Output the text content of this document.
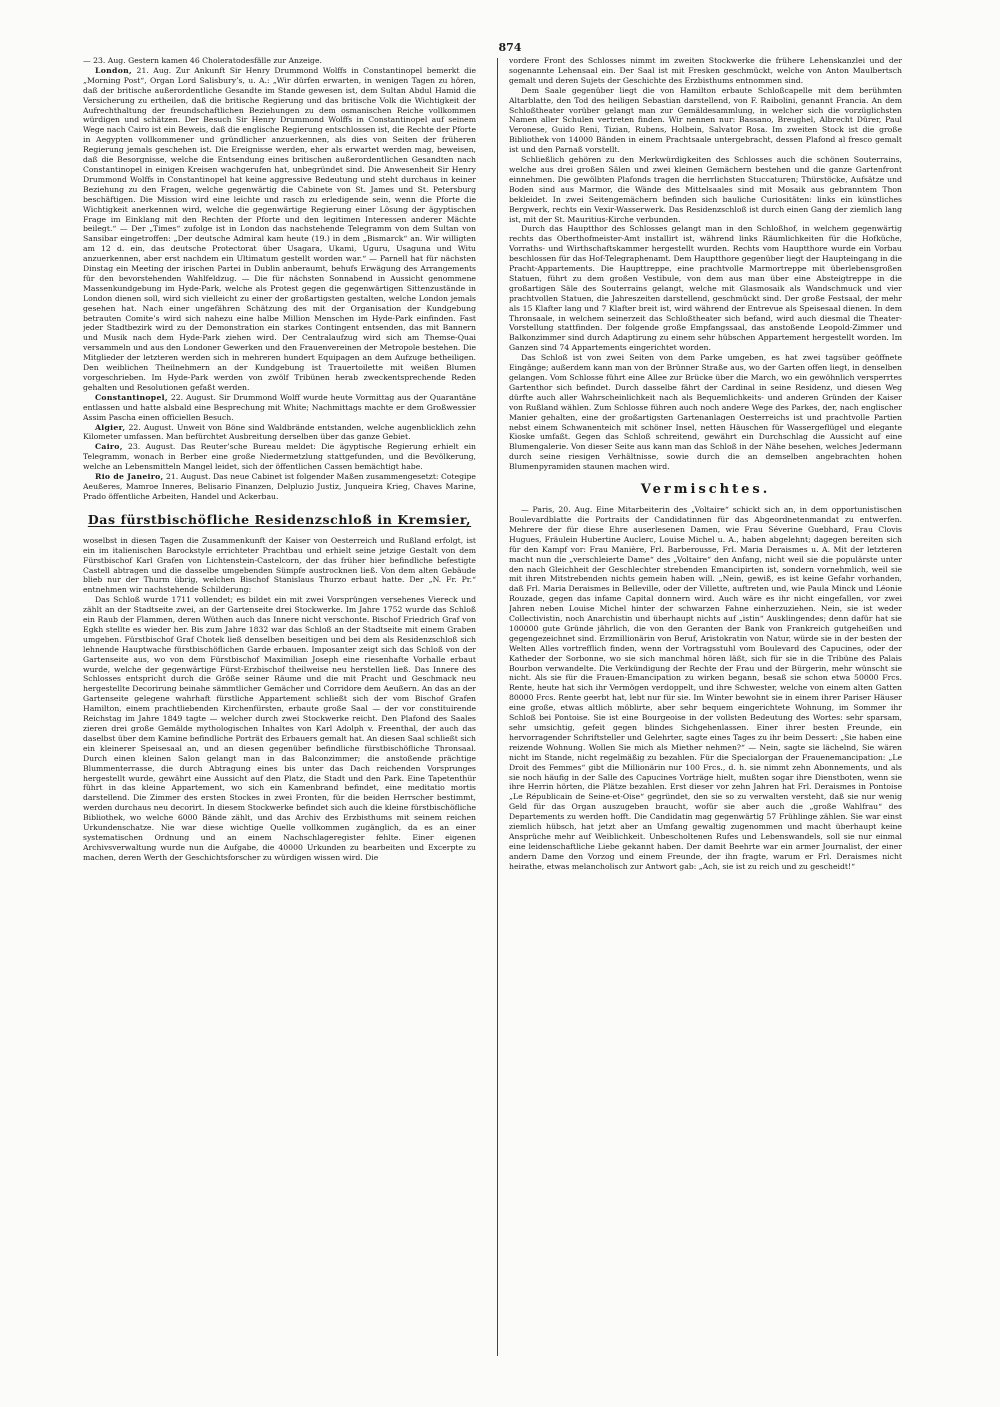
874

— 23. Aug. Gestern kamen 46 Choleratodesfälle zur Anzeige.

London, 21. Aug. Zur Ankunft Sir Henry Drummond Wolffs in Constantinopel bemerkt die „Morning Post“, Organ Lord Salisbury’s, u. A.: „Wir dürfen erwarten, in wenigen Tagen zu hören, daß der britische außerordentliche Gesandte im Stande gewesen ist, dem Sultan Abdul Hamid die Versicherung zu ertheilen, daß die britische Regierung und das britische Volk die Wichtigkeit der Aufrechthaltung der freundschaftlichen Beziehungen zu dem osmanischen Reiche vollkommen würdigen und schätzen. Der Besuch Sir Henry Drummond Wolffs in Constantinopel auf seinem Wege nach Cairo ist ein Beweis, daß die englische Regierung entschlossen ist, die Rechte der Pforte in Aegypten vollkommener und gründlicher anzuerkennen, als dies von Seiten der früheren Regierung jemals geschehen ist. Die Ereignisse werden, eher als erwartet werden mag, beweisen, daß die Besorgnisse, welche die Entsendung eines britischen außerordentlichen Gesandten nach Constantinopel in einigen Kreisen wachgerufen hat, unbegründet sind. Die Anwesenheit Sir Henry Drummond Wolffs in Constantinopel hat keine aggressive Bedeutung und steht durchaus in keiner Beziehung zu den Fragen, welche gegenwärtig die Cabinete von St. James und St. Petersburg beschäftigen. Die Mission wird eine leichte und rasch zu erledigende sein, wenn die Pforte die Wichtigkeit anerkennen wird, welche die gegenwärtige Regierung einer Lösung der ägyptischen Frage im Einklang mit den Rechten der Pforte und den legitimen Interessen anderer Mächte beilegt.“ — Der „Times“ zufolge ist in London das nachstehende Telegramm von dem Sultan von Sansibar eingetroffen: „Der deutsche Admiral kam heute (19.) in dem „Bismarck“ an. Wir willigten am 12 d. ein, das deutsche Protectorat über Usagara, Ukami, Uguru, Usaguna und Witu anzuerkennen, aber erst nachdem ein Ultimatum gestellt worden war.“ — Parnell hat für nächsten Dinstag ein Meeting der irischen Partei in Dublin anberaumt, behufs Erwägung des Arrangements für den bevorstehenden Wahlfeldzug. — Die für nächsten Sonnabend in Aussicht genommene Massenkundgebung im Hyde-Park, welche als Protest gegen die gegenwärtigen Sittenzustände in London dienen soll, wird sich vielleicht zu einer der großartigsten gestalten, welche London jemals gesehen hat. Nach einer ungefähren Schätzung des mit der Organisation der Kundgebung betrauten Comite’s wird sich nahezu eine halbe Million Menschen im Hyde-Park einfinden. Fast jeder Stadtbezirk wird zu der Demonstration ein starkes Contingent entsenden, das mit Bannern und Musik nach dem Hyde-Park ziehen wird. Der Centralaufzug wird sich am Themse-Quai versammeln und aus den Londoner Gewerken und den Frauenvereinen der Metropole bestehen. Die Mitglieder der letzteren werden sich in mehreren hundert Equipagen an dem Aufzuge betheiligen. Den weiblichen Theilnehmern an der Kundgebung ist Trauertoilette mit weißen Blumen vorgeschrieben. Im Hyde-Park werden von zwölf Tribünen herab zweckentsprechende Reden gehalten und Resolutionen gefaßt werden.

Constantinopel, 22. August. Sir Drummond Wolff wurde heute Vormittag aus der Quarantäne entlassen und hatte alsbald eine Besprechung mit White; Nachmittags machte er dem Großwessier Assim Pascha einen officiellen Besuch.

Algier, 22. August. Unweit von Böne sind Waldbrände entstanden, welche augenblicklich zehn Kilometer umfassen. Man befürchtet Ausbreitung derselben über das ganze Gebiet.

Cairo, 23. August. Das Reuter’sche Bureau meldet: Die ägyptische Regierung erhielt ein Telegramm, wonach in Berber eine große Niedermetzlung stattgefunden, und die Bevölkerung, welche an Lebensmitteln Mangel leidet, sich der öffentlichen Cassen bemächtigt habe.

Rio de Janeiro, 21. August. Das neue Cabinet ist folgender Maßen zusammengesetzt: Cotegipe Aeußeres, Mamroe Inneres, Belisario Finanzen, Delpluzio Justiz, Junqueira Krieg, Chaves Marine, Prado öffentliche Arbeiten, Handel und Ackerbau.

Das fürstbischöfliche Residenzschloß in Kremsier,

woselbst in diesen Tagen die Zusammenkunft der Kaiser von Oesterreich und Rußland erfolgt, ist ein im italienischen Barockstyle errichteter Prachtbau und erhielt seine jetzige Gestalt von dem Fürstbischof Karl Grafen von Lichtenstein-Castelcorn, der das früher hier befindliche befestigte Castell abtragen und die dasselbe umgebenden Sümpfe austrocknen ließ. Von dem alten Gebäude blieb nur der Thurm übrig, welchen Bischof Stanislaus Thurzo erbaut hatte. Der „N. Fr. Pr.“ entnehmen wir nachstehende Schilderung:

Das Schloß wurde 1711 vollendet; es bildet ein mit zwei Vorsprüngen versehenes Viereck und zählt an der Stadtseite zwei, an der Gartenseite drei Stockwerke. Im Jahre 1752 wurde das Schloß ein Raub der Flammen, deren Wüthen auch das Innere nicht verschonte. Bischof Friedrich Graf von Egkh stellte es wieder her. Bis zum Jahre 1832 war das Schloß an der Stadtseite mit einem Graben umgeben. Fürstbischof Graf Chotek ließ denselben beseitigen und bei dem als Residenzschloß sich lehnende Hauptwache fürstbischöflichen Garde erbauen. Imposanter zeigt sich das Schloß von der Gartenseite aus, wo von dem Fürstbischof Maximilian Joseph eine riesenhafte Vorhalle erbaut wurde, welche der gegenwärtige Fürst-Erzbischof theilweise neu herstellen ließ. Das Innere des Schlosses entspricht durch die Größe seiner Räume und die mit Pracht und Geschmack neu hergestellte Decorirung beinahe sämmtlicher Gemächer und Corridore dem Aeußern. An das an der Gartenseite gelegene wahrhaft fürstliche Appartement schließt sich der vom Bischof Grafen Hamilton, einem prachtliebenden Kirchenfürsten, erbaute große Saal — der vor constituirende Reichstag im Jahre 1849 tagte — welcher durch zwei Stockwerke reicht. Den Plafond des Saales zieren drei große Gemälde mythologischen Inhaltes von Karl Adolph v. Freenthal, der auch das daselbst über dem Kamine befindliche Porträt des Erbauers gemalt hat. An diesen Saal schließt sich ein kleinerer Speisesaal an, und an diesen gegenüber befindliche fürstbischöfliche Thronsaal. Durch einen kleinen Salon gelangt man in das Balconzimmer; die anstoßende prächtige Blummenterrasse, die durch Abtragung eines bis unter das Dach reichenden Vorsprunges hergestellt wurde, gewährt eine Aussicht auf den Platz, die Stadt und den Park. Eine Tapetenthür führt in das kleine Appartement, wo sich ein Kamenbrand befindet, eine meditatio mortis darstellend. Die Zimmer des ersten Stockes in zwei Fronten, für die beiden Herrscher bestimmt, werden durchaus neu decorirt. In diesem Stockwerke befindet sich auch die kleine fürstbischöfliche Bibliothek, wo welche 6000 Bände zählt, und das Archiv des Erzbisthums mit seinem reichen Urkundenschatze. Nie war diese wichtige Quelle vollkommen zugänglich, da es an einer systematischen Ordnung und an einem Nachschlageregister fehlte. Einer eigenen Archivsverwaltung wurde nun die Aufgabe, die 40000 Urkunden zu bearbeiten und Excerpte zu machen, deren Werth der Geschichtsforscher zu würdigen wissen wird. Die

vordere Front des Schlosses nimmt im zweiten Stockwerke die frühere Lehenskanzlei und der sogenannte Lehensaal ein. Der Saal ist mit Fresken geschmückt, welche von Anton Maulbertsch gemalt und deren Sujets der Geschichte des Erzbisthums entnommen sind.

Dem Saale gegenüber liegt die von Hamilton erbaute Schloßcapelle mit dem berühmten Altarblatte, den Tod des heiligen Sebastian darstellend, von F. Raibolini, genannt Francia. An dem Schloßtheater vorüber gelangt man zur Gemäldesammlung, in welcher sich die vorzüglichsten Namen aller Schulen vertreten finden. Wir nennen nur: Bassano, Breughel, Albrecht Dürer, Paul Veronese, Guido Reni, Tizian, Rubens, Holbein, Salvator Rosa. Im zweiten Stock ist die große Bibliothek von 14000 Bänden in einem Prachtsaale untergebracht, dessen Plafond al fresco gemalt ist und den Parnaß vorstellt.

Schließlich gehören zu den Merkwürdigkeiten des Schlosses auch die schönen Souterrains, welche aus drei großen Sälen und zwei kleinen Gemächern bestehen und die ganze Gartenfront einnehmen. Die gewölbten Plafonds tragen die herrlichsten Stuccaturen; Thürstöcke, Aufsätze und Boden sind aus Marmor, die Wände des Mittelsaales sind mit Mosaik aus gebranntem Thon bekleidet. In zwei Seitengemächern befinden sich bauliche Curiositäten: links ein künstliches Bergwerk, rechts ein Vexir-Wasserwerk. Das Residenzschloß ist durch einen Gang der ziemlich lang ist, mit der St. Mauritius-Kirche verbunden.

Durch das Hauptthor des Schlosses gelangt man in den Schloßhof, in welchem gegenwärtig rechts das Oberthofmeister-Amt installirt ist, während links Räumlichkeiten für die Hofküche, Vorraths- und Wirthschaftskammer hergestellt wurden. Rechts vom Hauptthore wurde ein Vorbau beschlossen für das Hof-Telegraphenamt. Dem Hauptthore gegenüber liegt der Haupteingang in die Pracht-Appartements. Die Haupttreppe, eine prachtvolle Marmortreppe mit überlebensgroßen Statuen, führt zu dem großen Vestibule, von dem aus man über eine Absteigtreppe in die großartigen Säle des Souterrains gelangt, welche mit Glasmosaik als Wandschmuck und vier prachtvollen Statuen, die Jahreszeiten darstellend, geschmückt sind. Der große Festsaal, der mehr als 15 Klafter lang und 7 Klafter breit ist, wird während der Entrevue als Speisesaal dienen. In dem Thronsaale, in welchem seinerzeit das Schloßtheater sich befand, wird auch diesmal die Theater-Vorstellung stattfinden. Der folgende große Empfangssaal, das anstoßende Leopold-Zimmer und Balkonzimmer sind durch Adaptirung zu einem sehr hübschen Appartement hergestellt worden. Im Ganzen sind 74 Appartements eingerichtet worden.

Das Schloß ist von zwei Seiten von dem Parke umgeben, es hat zwei tagsüber geöffnete Eingänge; außerdem kann man von der Brünner Straße aus, wo der Garten offen liegt, in denselben gelangen. Vom Schlosse führt eine Allee zur Brücke über die March, wo ein gewöhnlich versperrtes Gartenthor sich befindet. Durch dasselbe fährt der Cardinal in seine Residenz, und diesen Weg dürfte auch aller Wahrscheinlichkeit nach als Bequemlichkeits- und anderen Gründen der Kaiser von Rußland wählen. Zum Schlosse führen auch noch andere Wege des Parkes, der, nach englischer Manier gehalten, eine der großartigsten Gartenanlagen Oesterreichs ist und prachtvolle Partien nebst einem Schwanenteich mit schöner Insel, netten Häuschen für Wassergeflügel und elegante Kioske umfaßt. Gegen das Schloß schreitend, gewährt ein Durchschlag die Aussicht auf eine Blumengalerie. Von dieser Seite aus kann man das Schloß in der Nähe besehen, welches Jedermann durch seine riesigen Verhältnisse, sowie durch die an demselben angebrachten hohen Blumenpyramiden staunen machen wird.

Vermischtes.

— Paris, 20. Aug. Eine Mitarbeiterin des „Voltaire“ schickt sich an, in dem opportunistischen Boulevardblatte die Portraits der Candidatinnen für das Abgeordnetenmandat zu entwerfen. Mehrere der für diese Ehre auserlesenen Damen, wie Frau Séverine Guebhard, Frau Clovis Hugues, Fräulein Hubertine Auclerc, Louise Michel u. A., haben abgelehnt; dagegen bereiten sich für den Kampf vor: Frau Manière, Frl. Barberousse, Frl. Maria Deraismes u. A. Mit der letzteren macht nun die „verschleierte Dame“ des „Voltaire“ den Anfang, nicht weil sie die populärste unter den nach Gleichheit der Geschlechter strebenden Emancipirten ist, sondern vornehmlich, weil sie mit ihren Mitstrebenden nichts gemein haben will. „Nein, gewiß, es ist keine Gefahr vorhanden, daß Frl. Maria Deraismes in Belleville, oder der Villette, auftreten und, wie Paula Minck und Léonie Rouzade, gegen das infame Capital donnern wird. Auch wäre es ihr nicht eingefallen, vor zwei Jahren neben Louise Michel hinter der schwarzen Fahne einherzuziehen. Nein, sie ist weder Collectivistin, noch Anarchistin und überhaupt nichts auf „istin“ Ausklingendes; denn dafür hat sie 100000 gute Gründe jährlich, die von den Geranten der Bank von Frankreich gutgeheißen und gegengezeichnet sind. Erzmillionärin von Beruf, Aristokratin von Natur, würde sie in der besten der Welten Alles vortrefflich finden, wenn der Vortragsstuhl vom Boulevard des Capucines, oder der Katheder der Sorbonne, wo sie sich manchmal hören läßt, sich für sie in die Tribüne des Palais Bourbon verwandelte. Die Verkündigung der Rechte der Frau und der Bürgerin, mehr wünscht sie nicht. Als sie für die Frauen-Emancipation zu wirken begann, besaß sie schon etwa 50000 Frcs. Rente, heute hat sich ihr Vermögen verdoppelt, und ihre Schwester, welche von einem alten Gatten 80000 Frcs. Rente geerbt hat, lebt nur für sie. Im Winter bewohnt sie in einem ihrer Pariser Häuser eine große, etwas altlich möblirte, aber sehr bequem eingerichtete Wohnung, im Sommer ihr Schloß bei Pontoise. Sie ist eine Bourgeoise in der vollsten Bedeutung des Wortes: sehr sparsam, sehr umsichtig, gefeit gegen blindes Sichgehenlassen. Einer ihrer besten Freunde, ein hervorragender Schriftsteller und Gelehrter, sagte eines Tages zu ihr beim Dessert: „Sie haben eine reizende Wohnung. Wollen Sie mich als Miether nehmen?“ — Nein, sagte sie lächelnd, Sie wären nicht im Stande, nicht regelmäßig zu bezahlen. Für die Specialorgan der Frauenemancipation: „Le Droit des Femmes“ gibt die Millionärin nur 100 Frcs., d. h. sie nimmt zehn Abonnements, und als sie noch häufig in der Salle des Capucines Vorträge hielt, mußten sogar ihre Dienstboten, wenn sie ihre Herrin hörten, die Plätze bezahlen. Erst dieser vor zehn Jahren hat Frl. Deraismes in Pontoise „Le Républicain de Seine-et-Oise“ gegründet, den sie so zu verwalten versteht, daß sie nur wenig Geld für das Organ auszugeben braucht, wofür sie aber auch die „große Wahlfrau“ des Departements zu werden hofft. Die Candidatin mag gegenwärtig 57 Frühlinge zählen. Sie war einst ziemlich hübsch, hat jetzt aber an Umfang gewaltig zugenommen und macht überhaupt keine Ansprüche mehr auf Weiblichkeit. Unbescholtenen Rufes und Lebenswandels, soll sie nur einmal eine leidenschaftliche Liebe gekannt haben. Der damit Beehrte war ein armer Journalist, der einer andern Dame den Vorzog und einem Freunde, der ihn fragte, warum er Frl. Deraismes nicht heirathe, etwas melancholisch zur Antwort gab: „Ach, sie ist zu reich und zu gescheidt!“
